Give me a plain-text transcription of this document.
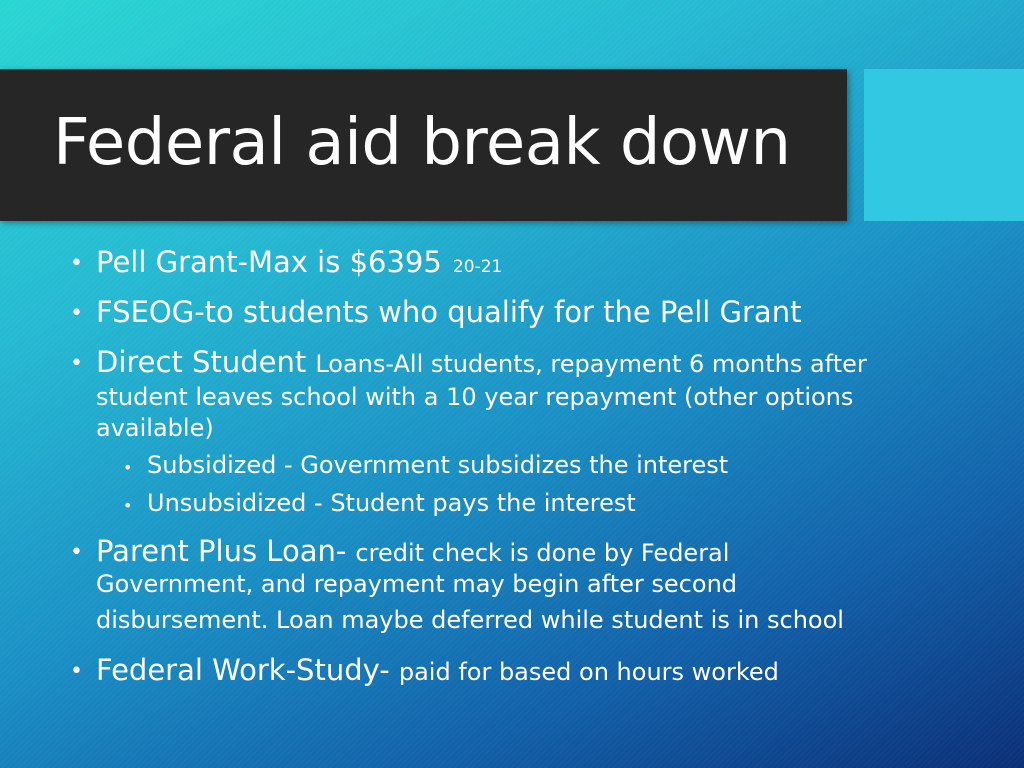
Federal aid break down
• Pell Grant-Max is $6395 20-21
• FSEOG-to students who qualify for the Pell Grant
• Direct Student Loans-All students, repayment 6 months after
student leaves school with a 10 year repayment (other options
available)
• Subsidized - Government subsidizes the interest
• Unsubsidized - Student pays the interest
• Parent Plus Loan- credit check is done by Federal
Government, and repayment may begin after second
disbursement. Loan maybe deferred while student is in school
• Federal Work-Study- paid for based on hours worked
